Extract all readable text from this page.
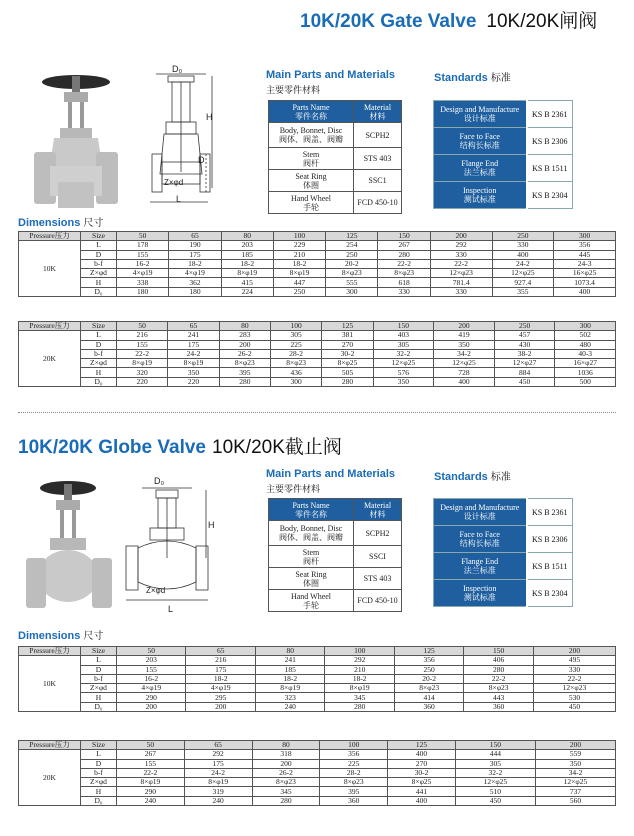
10K/20K Gate Valve 10K/20K闸阀
D₀
H
D
Z×φd
L
Main Parts and Materials
主要零件材料
Standards 标准
Parts Name
零件名称	Material
材料
Body, Bonnet, Disc
阀体、阀盖、阀瓣	SCPH2
Stem
阀杆	STS 403
Seat Ring
体圈	SSC1
Hand Wheel
手轮	FCD 450-10
Design and Manufacture
设计标准	KS B 2361
Face to Face
结构长标准	KS B 2306
Flange End
法兰标准	KS B 1511
Inspection
测试标准	KS B 2304
Dimensions 尺寸
Pressure压力	Size	50	65	80	100	125	150	200	250	300
10K	L	178	190	203	229	254	267	292	330	356
	D	155	175	185	210	250	280	330	400	445
	b-f	16-2	18-2	18-2	18-2	20-2	22-2	22-2	24-2	24-3
	Z×φd	4×φ19	4×φ19	8×φ19	8×φ19	8×φ23	8×φ23	12×φ23	12×φ25	16×φ25
	H	338	362	415	447	555	618	781.4	927.4	1073.4
	D₀	180	180	224	250	300	330	330	355	400
Pressure压力	Size	50	65	80	100	125	150	200	250	300
20K	L	216	241	283	305	381	403	419	457	502
	D	155	175	200	225	270	305	350	430	480
	b-f	22-2	24-2	26-2	28-2	30-2	32-2	34-2	38-2	40-3
	Z×φd	8×φ19	8×φ19	8×φ23	8×φ23	8×φ25	12×φ25	12×φ25	12×φ27	16×φ27
	H	320	350	395	436	505	576	728	884	1036
	D₀	220	220	280	300	280	350	400	450	500
10K/20K Globe Valve 10K/20K截止阀
D₀
H
Z×φd
L
Main Parts and Materials
主要零件材料
Standards 标准
Parts Name
零件名称	Material
材料
Body, Bonnet, Disc
阀体、阀盖、阀瓣	SCPH2
Stem
阀杆	SSCI
Seat Ring
体圈	STS 403
Hand Wheel
手轮	FCD 450-10
Design and Manufacture
设计标准	KS B 2361
Face to Face
结构长标准	KS B 2306
Flange End
法兰标准	KS B 1511
Inspection
测试标准	KS B 2304
Dimensions 尺寸
Pressure压力	Size	50	65	80	100	125	150	200
10K	L	203	216	241	292	356	406	495
	D	155	175	185	210	250	280	330
	b-f	16-2	18-2	18-2	18-2	20-2	22-2	22-2
	Z×φd	4×φ19	4×φ19	8×φ19	8×φ19	8×φ23	8×φ23	12×φ23
	H	290	295	323	345	414	443	530
	D₀	200	200	240	280	360	360	450
Pressure压力	Size	50	65	80	100	125	150	200
20K	L	267	292	318	356	400	444	559
	D	155	175	200	225	270	305	350
	b-f	22-2	24-2	26-2	28-2	30-2	32-2	34-2
	Z×φd	8×φ19	8×φ19	8×φ23	8×φ23	8×φ25	12×φ25	12×φ25
	H	290	319	345	395	441	510	737
	D₀	240	240	280	360	400	450	560
